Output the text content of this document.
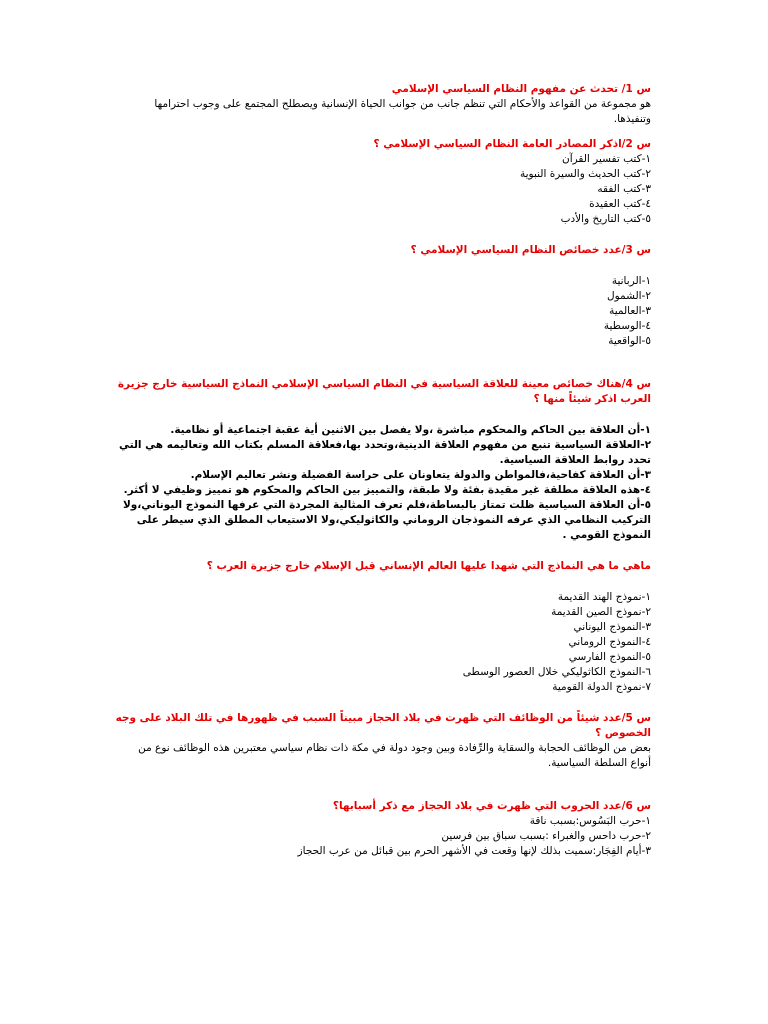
س 1/ تحدث عن مفهوم النظام السياسي الإسلامي

هو مجموعة من القواعد والأحكام التي تنظم جانب من جوانب الحياة الإنسانية ويصطلح المجتمع على وجوب احترامها وتنفيذها.

س 2/اذكر المصادر العامة النظام السياسي الإسلامي ؟
١-كتب تفسير القرآن
٢-كتب الحديث والسيرة النبوية
٣-كتب الفقه
٤-كتب العقيدة
٥-كتب التاريخ والأدب
س 3/عدد خصائص النظام السياسي الإسلامي ؟
١-الربانية
٢-الشمول
٣-العالمية
٤-الوسطية
٥-الواقعية
س 4/هناك خصائص معينة للعلاقة السياسية في النظام السياسي الإسلامي النماذج السياسية خارج جزيرة العرب اذكر شيئاً منها ؟
١-أن العلاقة بين الحاكم والمحكوم مباشرة ،ولا يفصل بين الاثنين أية عقبة اجتماعية أو نظامية.
٢-العلاقة السياسية تنبع من مفهوم العلاقة الدينية،وتحدد بها،فعلاقة المسلم بكتاب الله وتعاليمه هي التي تحدد روابط العلاقة السياسية.
٣-أن العلاقة كفاحية،فالمواطن والدولة يتعاونان على حراسة الفضيلة ونشر تعاليم الإسلام.
٤-هذه العلاقة مطلقة غير مقيدة بفئة ولا طبقة، والتمييز بين الحاكم والمحكوم هو تمييز وظيفي لا أكثر.
٥-أن العلاقة السياسية ظلت تمتاز بالبساطة،فلم تعرف المثالية المجردة التي عرفها النموذج اليوناني،ولا التركيب النظامي الذي عرفه النموذجان الروماني والكاثوليكي،ولا الاستيعاب المطلق الذي سيطر على النموذج القومي .
ماهي ما هي النماذج التي شهدا عليها العالم الإنساني قبل الإسلام خارج جزيرة العرب ؟
١-نموذج الهند القديمة
٢-نموذج الصين القديمة
٣-النموذج اليوناني
٤-النموذج الروماني
٥-النموذج الفارسي
٦-النموذج الكاثوليكي خلال العصور الوسطى
٧-نموذج الدولة القومية
س 5/عدد شيئاً من الوظائف التي ظهرت في بلاد الحجاز مبيناً السبب في ظهورها في تلك البلاد على وجه الخصوص ؟

بعض من الوظائف الحجابة والسقاية والرِّفادة وبين وجود دولة في مكة ذات نظام سياسي معتبرين هذه الوظائف نوع من أنواع السلطة السياسية.

س 6/عدد الحروب التي ظهرت في بلاد الحجاز مع ذكر أسبابها؟
١-حرب البَسُوس:بسبب ناقة
٢-حرب داحس والغبراء :بسبب سباق بين فرسين
٣-أيام الفِجَار:سميت بذلك لإنها وقعت في الأشهر الحرم بين قبائل من عرب الحجاز
